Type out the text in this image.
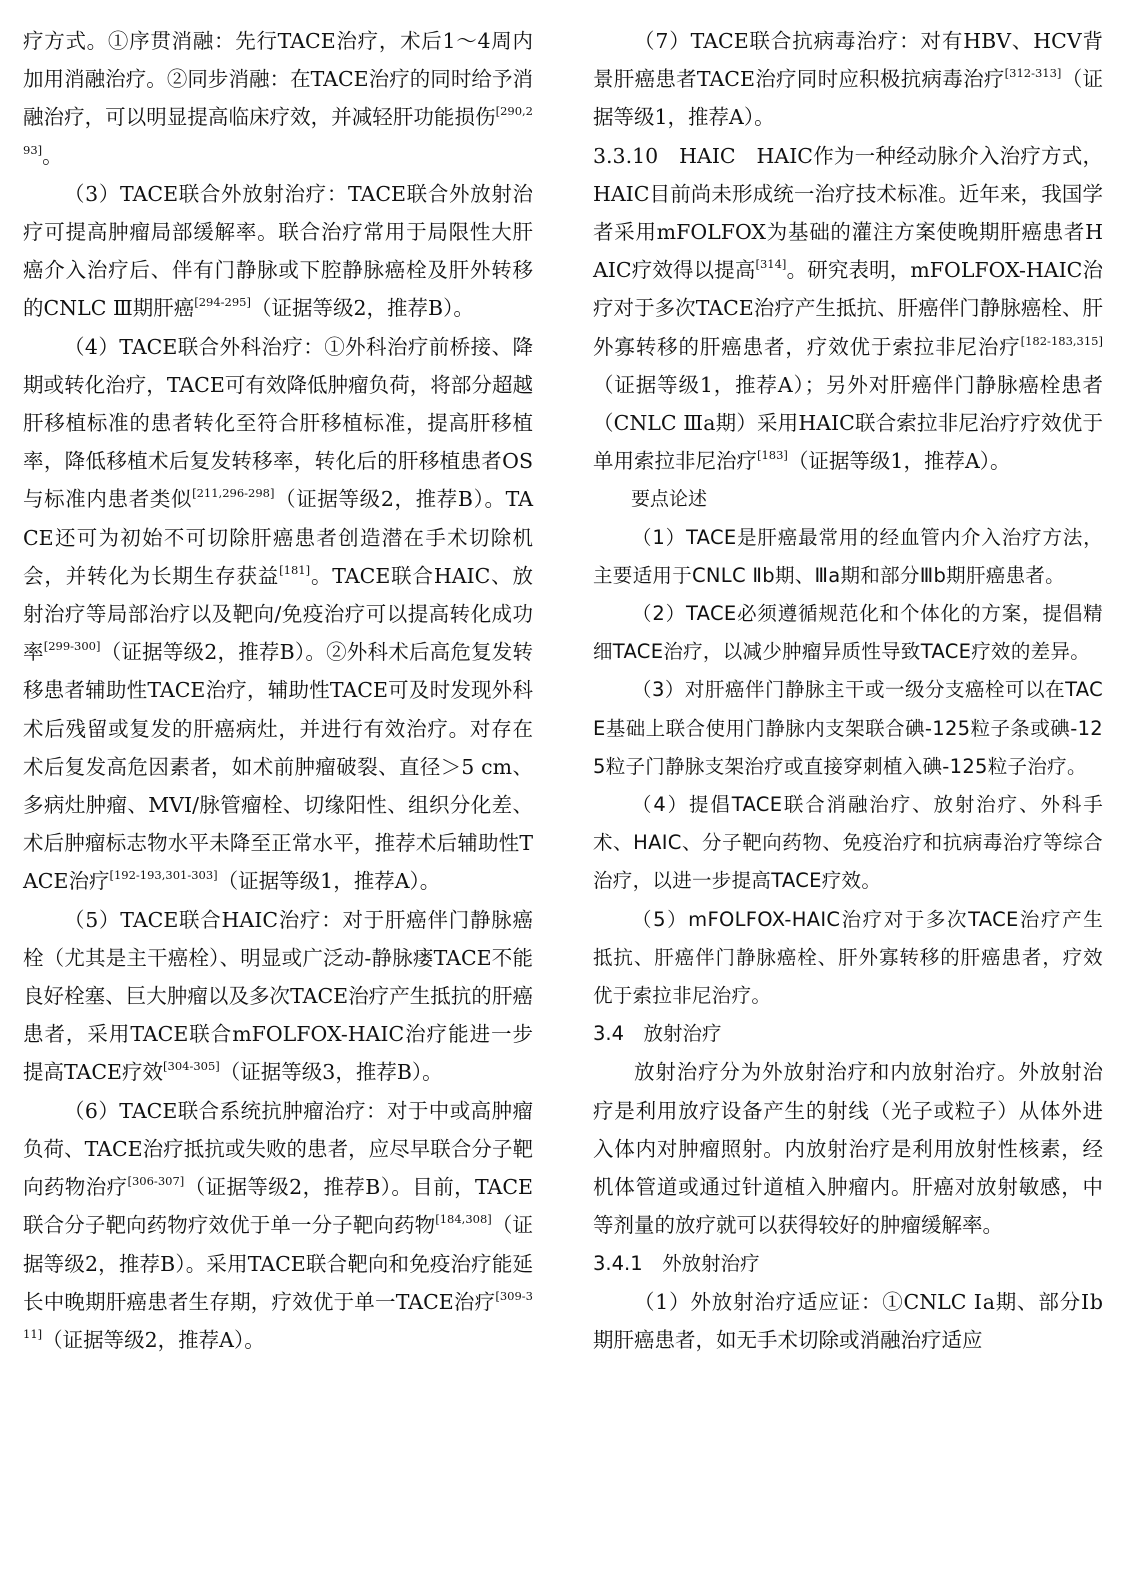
疗方式。①序贯消融：先行TACE治疗，术后1～4周内加用消融治疗。②同步消融：在TACE治疗的同时给予消融治疗，可以明显提高临床疗效，并减轻肝功能损伤[290,293]。

（3）TACE联合外放射治疗：TACE联合外放射治疗可提高肿瘤局部缓解率。联合治疗常用于局限性大肝癌介入治疗后、伴有门静脉或下腔静脉癌栓及肝外转移的CNLC Ⅲ期肝癌[294-295]（证据等级2，推荐B）。

（4）TACE联合外科治疗：①外科治疗前桥接、降期或转化治疗，TACE可有效降低肿瘤负荷，将部分超越肝移植标准的患者转化至符合肝移植标准，提高肝移植率，降低移植术后复发转移率，转化后的肝移植患者OS与标准内患者类似[211,296-298]（证据等级2，推荐B）。TACE还可为初始不可切除肝癌患者创造潜在手术切除机会，并转化为长期生存获益[181]。TACE联合HAIC、放射治疗等局部治疗以及靶向/免疫治疗可以提高转化成功率[299-300]（证据等级2，推荐B）。②外科术后高危复发转移患者辅助性TACE治疗，辅助性TACE可及时发现外科术后残留或复发的肝癌病灶，并进行有效治疗。对存在术后复发高危因素者，如术前肿瘤破裂、直径＞5 cm、多病灶肿瘤、MVI/脉管瘤栓、切缘阳性、组织分化差、术后肿瘤标志物水平未降至正常水平，推荐术后辅助性TACE治疗[192-193,301-303]（证据等级1，推荐A）。

（5）TACE联合HAIC治疗：对于肝癌伴门静脉癌栓（尤其是主干癌栓）、明显或广泛动-静脉瘘TACE不能良好栓塞、巨大肿瘤以及多次TACE治疗产生抵抗的肝癌患者，采用TACE联合mFOLFOX-HAIC治疗能进一步提高TACE疗效[304-305]（证据等级3，推荐B）。

（6）TACE联合系统抗肿瘤治疗：对于中或高肿瘤负荷、TACE治疗抵抗或失败的患者，应尽早联合分子靶向药物治疗[306-307]（证据等级2，推荐B）。目前，TACE联合分子靶向药物疗效优于单一分子靶向药物[184,308]（证据等级2，推荐B）。采用TACE联合靶向和免疫治疗能延长中晚期肝癌患者生存期，疗效优于单一TACE治疗[309-311]（证据等级2，推荐A）。

（7）TACE联合抗病毒治疗：对有HBV、HCV背景肝癌患者TACE治疗同时应积极抗病毒治疗[312-313]（证据等级1，推荐A）。

3.3.10　HAIC　HAIC作为一种经动脉介入治疗方式，HAIC目前尚未形成统一治疗技术标准。近年来，我国学者采用mFOLFOX为基础的灌注方案使晚期肝癌患者HAIC疗效得以提高[314]。研究表明，mFOLFOX-HAIC治疗对于多次TACE治疗产生抵抗、肝癌伴门静脉癌栓、肝外寡转移的肝癌患者，疗效优于索拉非尼治疗[182-183,315]（证据等级1，推荐A）；另外对肝癌伴门静脉癌栓患者（CNLC Ⅲa期）采用HAIC联合索拉非尼治疗疗效优于单用索拉非尼治疗[183]（证据等级1，推荐A）。

要点论述

（1）TACE是肝癌最常用的经血管内介入治疗方法，主要适用于CNLC Ⅱb期、Ⅲa期和部分Ⅲb期肝癌患者。

（2）TACE必须遵循规范化和个体化的方案，提倡精细TACE治疗，以减少肿瘤异质性导致TACE疗效的差异。

（3）对肝癌伴门静脉主干或一级分支癌栓可以在TACE基础上联合使用门静脉内支架联合碘-125粒子条或碘-125粒子门静脉支架治疗或直接穿刺植入碘-125粒子治疗。

（4）提倡TACE联合消融治疗、放射治疗、外科手术、HAIC、分子靶向药物、免疫治疗和抗病毒治疗等综合治疗，以进一步提高TACE疗效。

（5）mFOLFOX-HAIC治疗对于多次TACE治疗产生抵抗、肝癌伴门静脉癌栓、肝外寡转移的肝癌患者，疗效优于索拉非尼治疗。

3.4　放射治疗

放射治疗分为外放射治疗和内放射治疗。外放射治疗是利用放疗设备产生的射线（光子或粒子）从体外进入体内对肿瘤照射。内放射治疗是利用放射性核素，经机体管道或通过针道植入肿瘤内。肝癌对放射敏感，中等剂量的放疗就可以获得较好的肿瘤缓解率。

3.4.1　外放射治疗

（1）外放射治疗适应证：①CNLC Ⅰa期、部分Ⅰb期肝癌患者，如无手术切除或消融治疗适应
